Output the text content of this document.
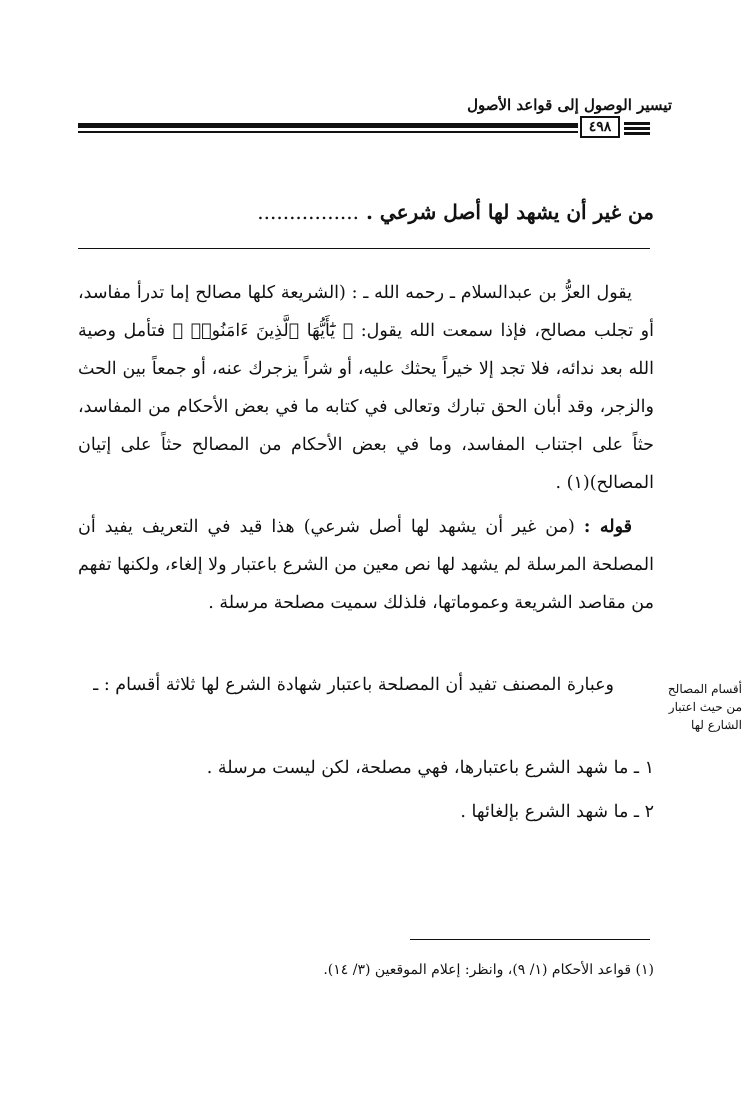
تيسير الوصول إلى قواعد الأصول
٤٩٨
من غير أن يشهد لها أصل شرعي . ................

يقول العزُّ بن عبدالسلام ـ رحمه الله ـ : (الشريعة كلها مصالح إما تدرأ مفاسد، أو تجلب مصالح، فإذا سمعت الله يقول: ﴿ يَٰٓأَيُّهَا ٱلَّذِينَ ءَامَنُوا۟ ﴾ فتأمل وصية الله بعد ندائه، فلا تجد إلا خيراً يحثك عليه، أو شراً يزجرك عنه، أو جمعاً بين الحث والزجر، وقد أبان الحق تبارك وتعالى في كتابه ما في بعض الأحكام من المفاسد، حثاً على اجتناب المفاسد، وما في بعض الأحكام من المصالح حثاً على إتيان المصالح)(١) .

قوله : (من غير أن يشهد لها أصل شرعي) هذا قيد في التعريف يفيد أن المصلحة المرسلة لم يشهد لها نص معين من الشرع باعتبار ولا إلغاء، ولكنها تفهم من مقاصد الشريعة وعموماتها، فلذلك سميت مصلحة مرسلة .

وعبارة المصنف تفيد أن المصلحة باعتبار شهادة الشرع لها ثلاثة أقسام : ـ	أقسام المصالح من حيث اعتبار الشارع لها
١ ـ ما شهد الشرع باعتبارها، فهي مصلحة، لكن ليست مرسلة .
٢ ـ ما شهد الشرع بإلغائها .
(١) قواعد الأحكام (١/ ٩)، وانظر: إعلام الموقعين (٣/ ١٤).
